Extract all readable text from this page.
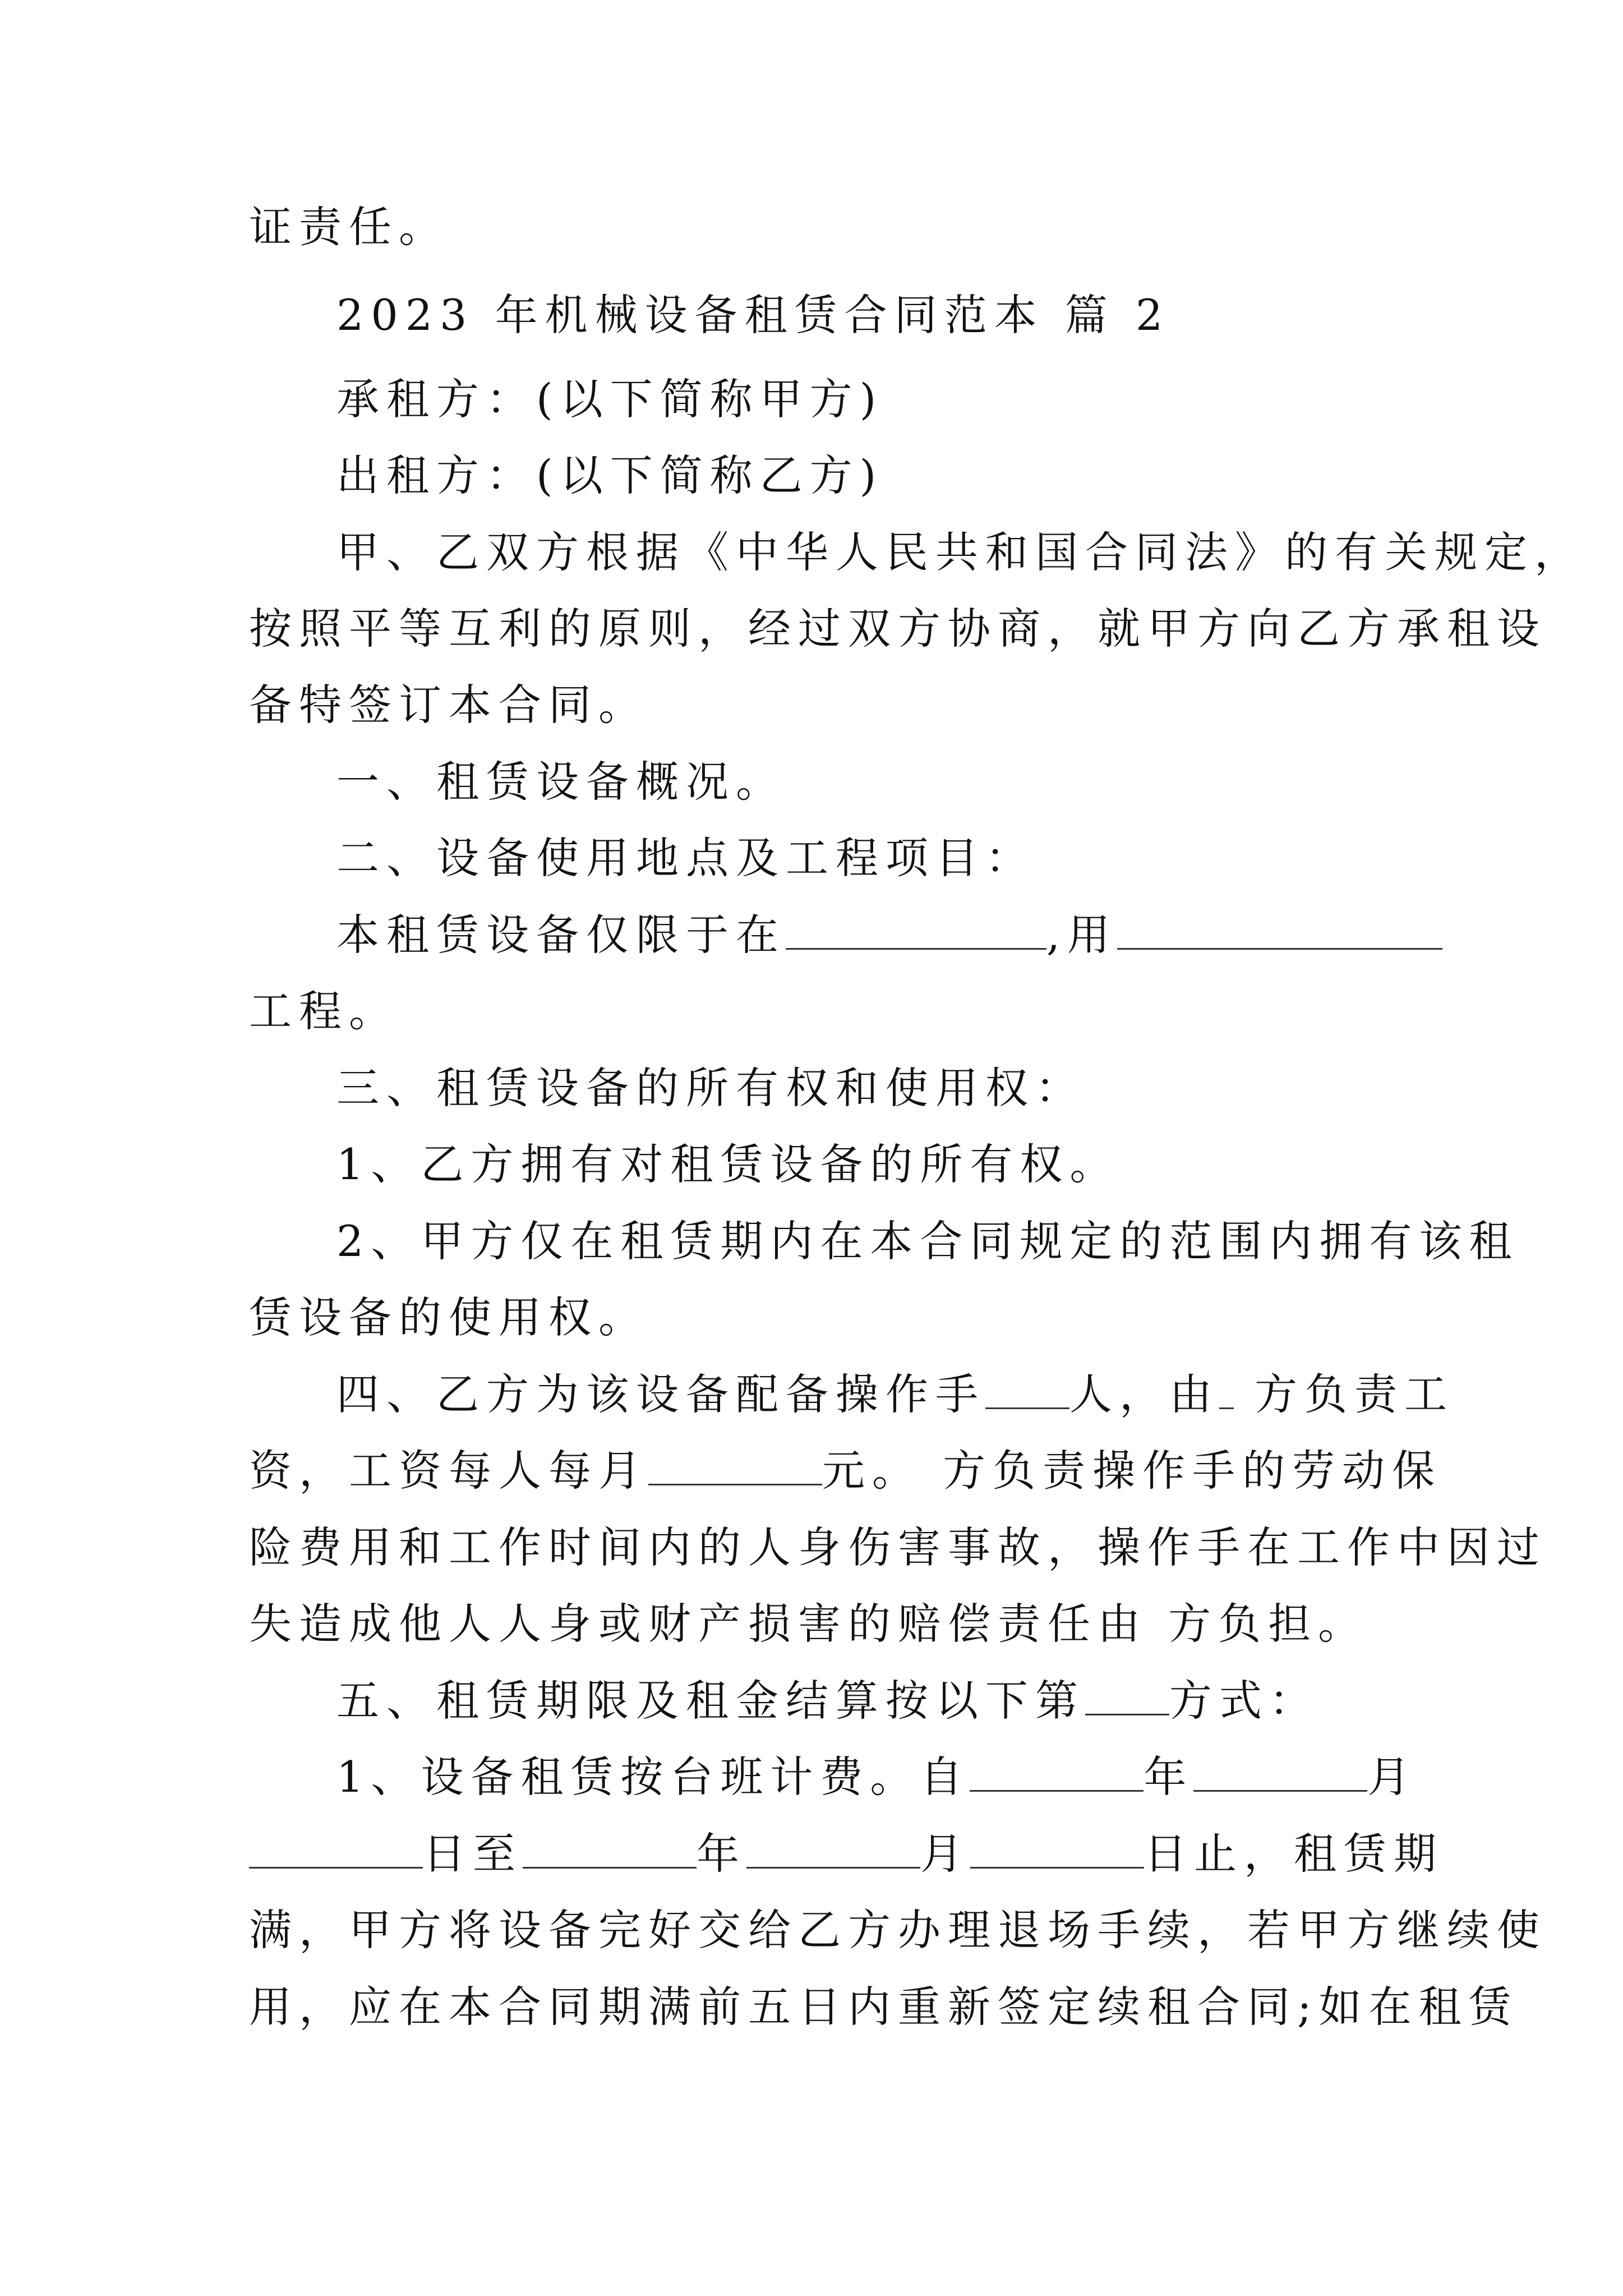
证责任。

2023 年机械设备租赁合同范本 篇 2

承租方：(以下简称甲方)

出租方：(以下简称乙方)

甲、乙双方根据《中华人民共和国合同法》的有关规定，

按照平等互利的原则，经过双方协商，就甲方向乙方承租设

备特签订本合同。

一、租赁设备概况。

二、设备使用地点及工程项目：

本租赁设备仅限于在	,用

工程。

三、租赁设备的所有权和使用权：

1、乙方拥有对租赁设备的所有权。

2、甲方仅在租赁期内在本合同规定的范围内拥有该租

赁设备的使用权。

四、乙方为该设备配备操作手 人，由 方负责工

资，工资每人每月	元。 方负责操作手的劳动保

险费用和工作时间内的人身伤害事故，操作手在工作中因过

失造成他人人身或财产损害的赔偿责任由 方负担。

五、租赁期限及租金结算按以下第 方式：

1、设备租赁按台班计费。自	年	月

日至	年	月	日止，租赁期

满，甲方将设备完好交给乙方办理退场手续，若甲方继续使

用，应在本合同期满前五日内重新签定续租合同;如在租赁
